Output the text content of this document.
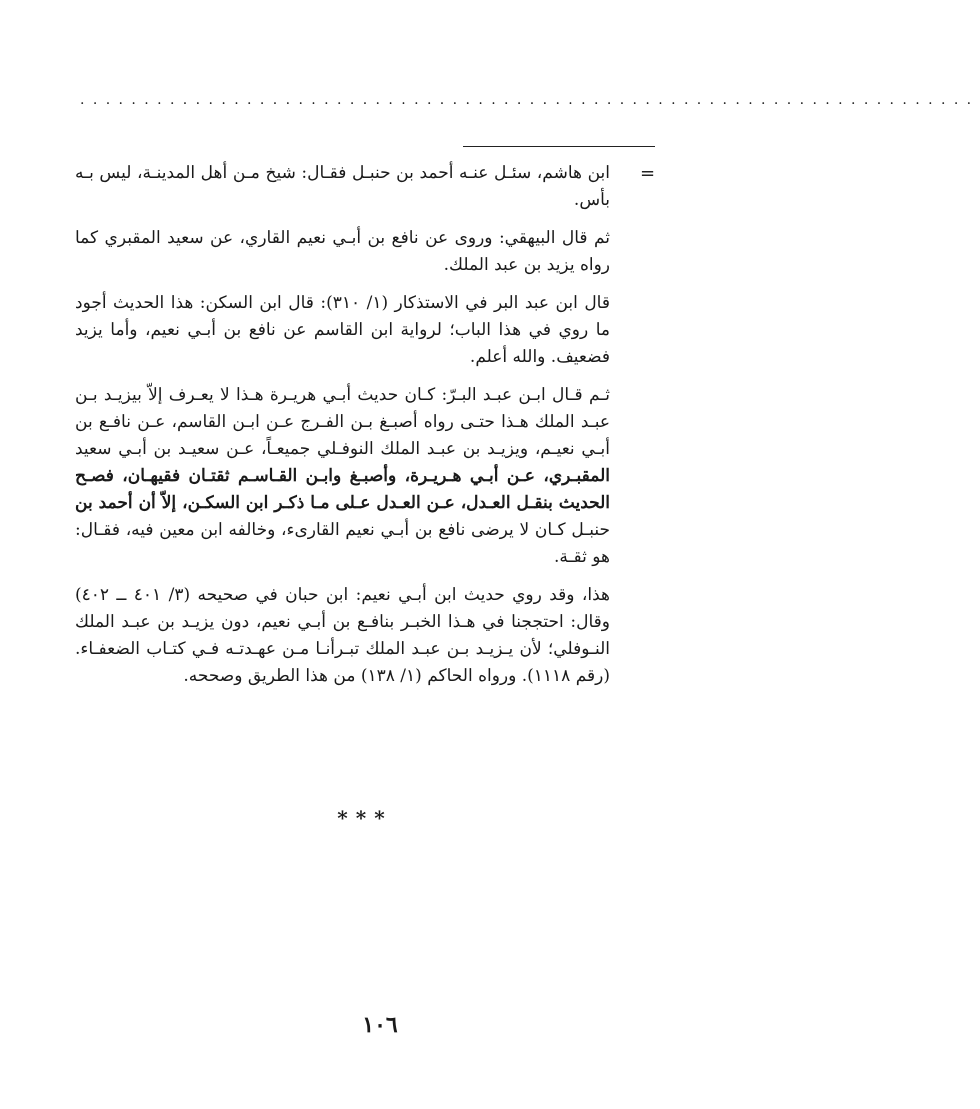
......................................................................
=
ابن هاشم، سئـل عنـه أحمد بن حنبـل فقـال: شيخ مـن أهل المدينـة، ليس بـه
بأس.
ثم قال البيهقي: وروى عن نافع بن أبـي نعيم القاري، عن سعيد المقبري كما
رواه يزيد بن عبد الملك.
قال ابن عبد البر في الاستذكار (١/ ٣١٠): قال ابن السكن: هذا الحديث أجود
ما روي في هذا الباب؛ لرواية ابن القاسم عن نافع بن أبـي نعيم، وأما يزيد
فضعيف. والله أعلم.
ثـم قـال ابـن عبـد البـرّ: كـان حديث أبـي هريـرة هـذا لا يعـرف إلاّ بيزيـد بـن
عبـد الملك هـذا حتـى رواه أصبـغ بـن الفـرج عـن ابـن القاسم، عـن نافـع بن
أبـي نعيـم، ويزيـد بن عبـد الملك النوفـلي جميعـاً، عـن سعيـد بن أبـي سعيد
المقبـري، عـن أبـي هـريـرة، وأصبـغ وابـن القـاسـم ثقتـان فقيهـان، فصـح
الحديث بنقـل العـدل، عـن العـدل عـلى مـا ذكـر ابن السكـن، إلاّ أن أحمد بن
حنبـل كـان لا يرضى نافع بن أبـي نعيم القارىء، وخالفه ابن معين فيه، فقـال:
هو ثقـة.
هذا، وقد روي حديث ابن أبـي نعيم: ابن حبان في صحيحه (٣/ ٤٠١ ــ ٤٠٢)
وقال: احتججنا في هـذا الخبـر بنافـع بن أبـي نعيم، دون يزيـد بن عبـد الملك
النـوفلي؛ لأن يـزيـد بـن عبـد الملك تبـرأنـا مـن عهـدتـه فـي كتـاب الضعفـاء.
(رقم ١١١٨). ورواه الحاكم (١/ ١٣٨) من هذا الطريق وصححه.
***
١٠٦
